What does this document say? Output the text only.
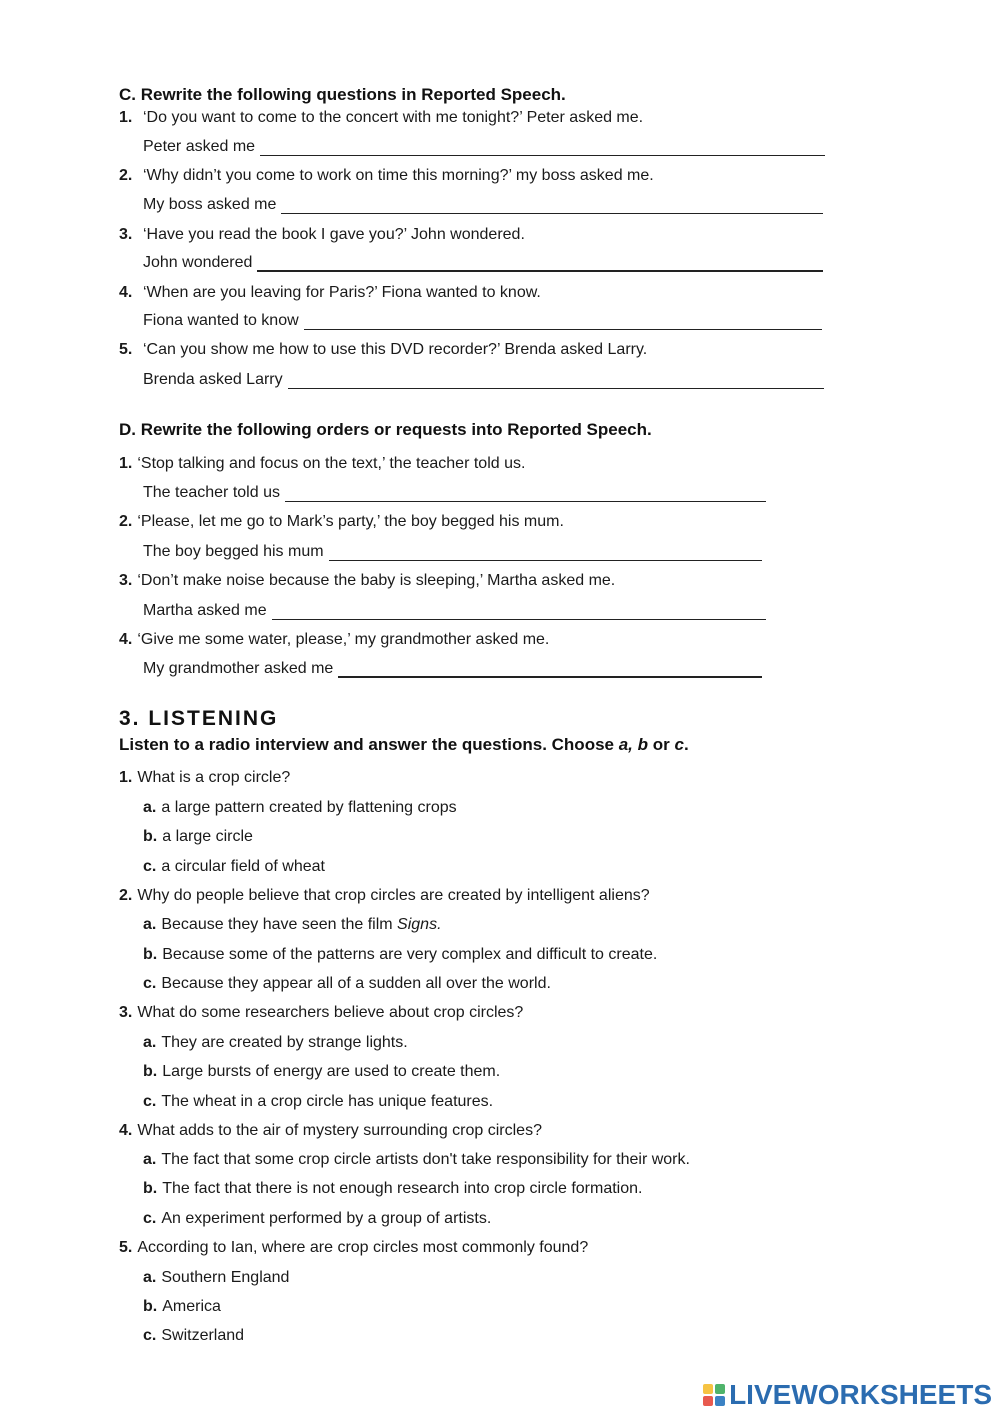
C. Rewrite the following questions in Reported Speech.
1. ‘Do you want to come to the concert with me tonight?’ Peter asked me.
Peter asked me
2. ‘Why didn’t you come to work on time this morning?’ my boss asked me.
My boss asked me
3. ‘Have you read the book I gave you?’ John wondered.
John wondered
4. ‘When are you leaving for Paris?’ Fiona wanted to know.
Fiona wanted to know
5. ‘Can you show me how to use this DVD recorder?’ Brenda asked Larry.
Brenda asked Larry
D. Rewrite the following orders or requests into Reported Speech.
1. ‘Stop talking and focus on the text,’ the teacher told us.
The teacher told us
2. ‘Please, let me go to Mark’s party,’ the boy begged his mum.
The boy begged his mum
3. ‘Don’t make noise because the baby is sleeping,’ Martha asked me.
Martha asked me
4. ‘Give me some water, please,’ my grandmother asked me.
My grandmother asked me
3. LISTENING
Listen to a radio interview and answer the questions. Choose a, b or c.
1. What is a crop circle?
a. a large pattern created by flattening crops
b. a large circle
c. a circular field of wheat
2. Why do people believe that crop circles are created by intelligent aliens?
a. Because they have seen the film Signs.
b. Because some of the patterns are very complex and difficult to create.
c. Because they appear all of a sudden all over the world.
3. What do some researchers believe about crop circles?
a. They are created by strange lights.
b. Large bursts of energy are used to create them.
c. The wheat in a crop circle has unique features.
4. What adds to the air of mystery surrounding crop circles?
a. The fact that some crop circle artists don't take responsibility for their work.
b. The fact that there is not enough research into crop circle formation.
c. An experiment performed by a group of artists.
5. According to Ian, where are crop circles most commonly found?
a. Southern England
b. America
c. Switzerland
LIVEWORKSHEETS
